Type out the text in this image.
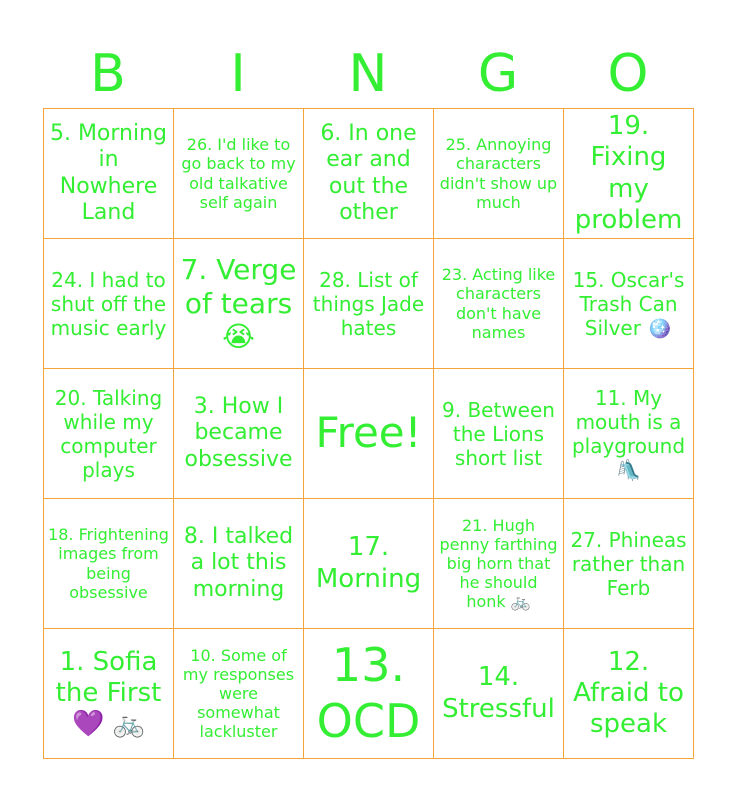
B	I	N	G	O
5. Morning in Nowhere Land	26. I'd like to go back to my old talkative self again	6. In one ear and out the other	25. Annoying characters didn't show up much	19. Fixing my problem

24. I had to shut off the music early	7. Verge of tears 😭	28. List of things Jade hates	23. Acting like characters don't have names	15. Oscar's Trash Can Silver 🪩

20. Talking while my computer plays	3. How I became obsessive	Free!	9. Between the Lions short list	11. My mouth is a playground 🛝

18. Frightening images from being obsessive	8. I talked a lot this morning	17. Morning	21. Hugh penny farthing big horn that he should honk 🚲	27. Phineas rather than Ferb

1. Sofia the First 💜 🚲	10. Some of my responses were somewhat lackluster	13. OCD	14. Stressful	12. Afraid to speak
